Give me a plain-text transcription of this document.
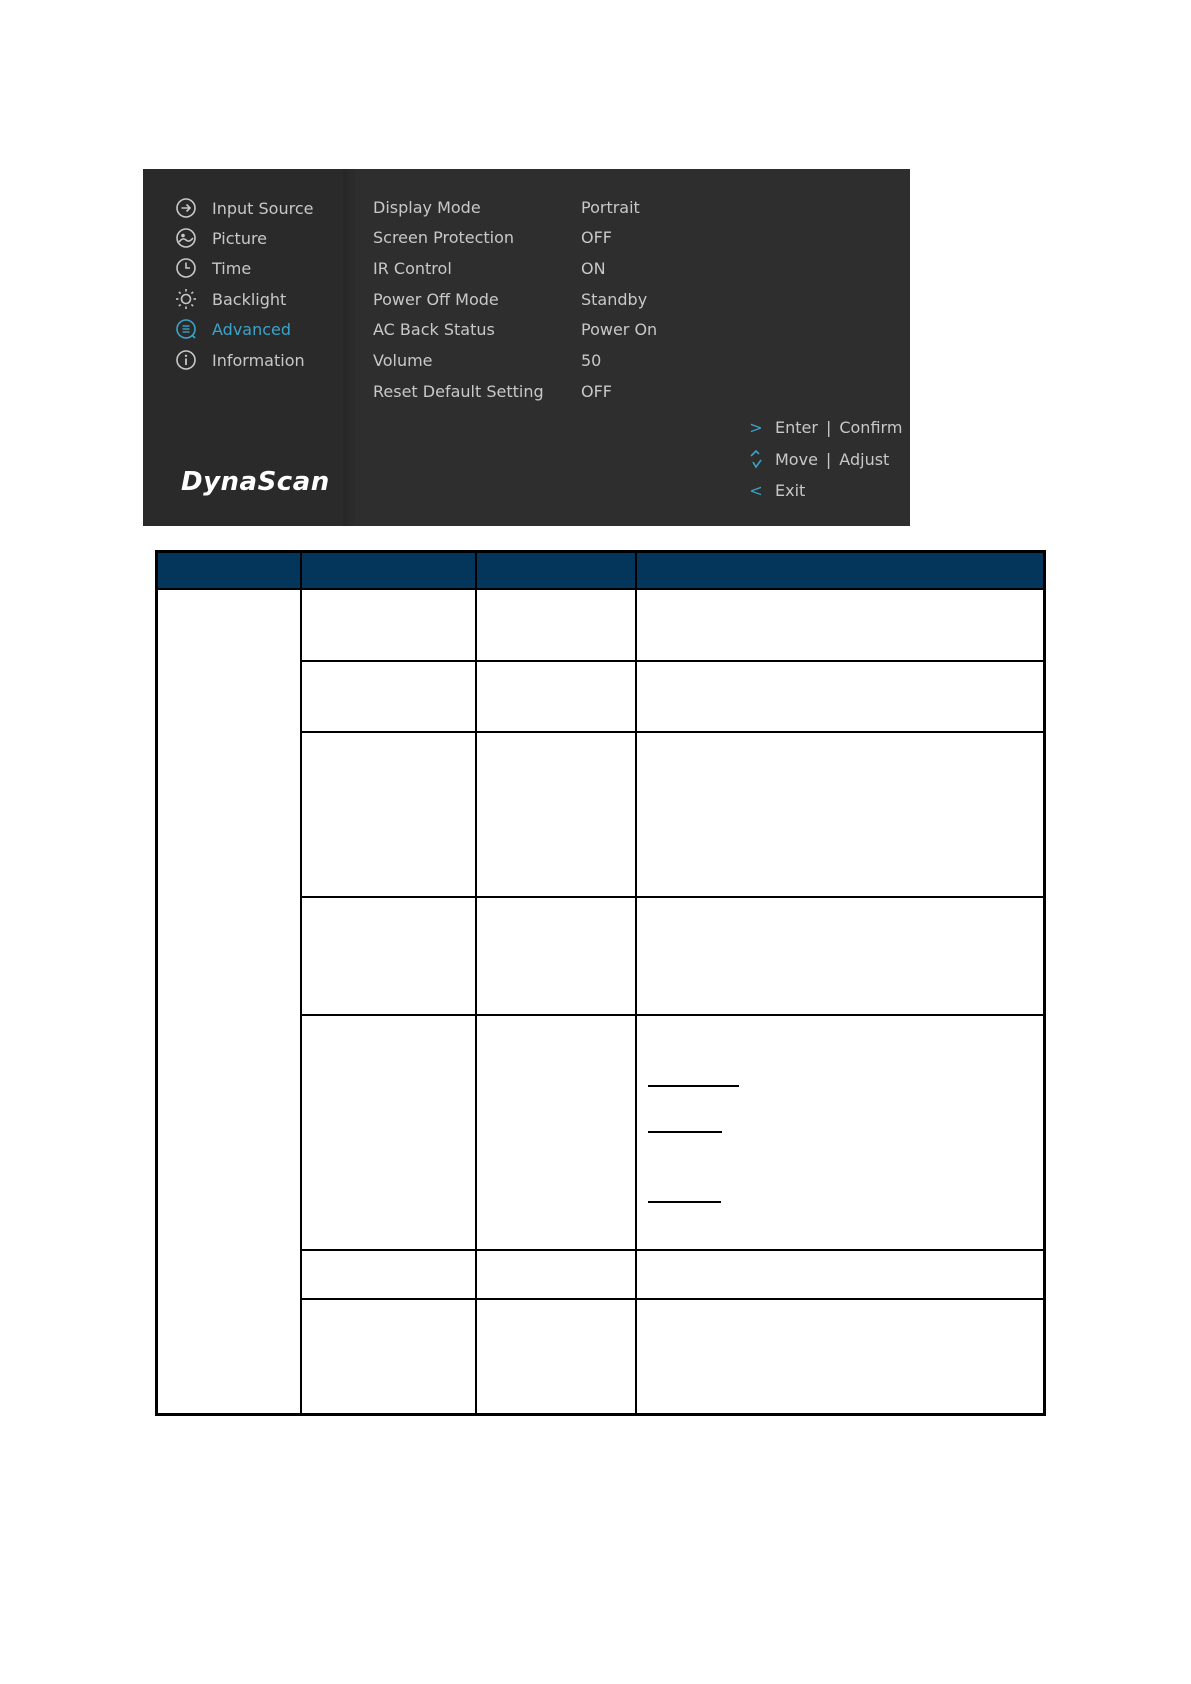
Input Source
Picture
Time
Backlight
Advanced
Information
DynaScan
Display Mode	Portrait
Screen Protection	OFF
IR Control	ON
Power Off Mode	Standby
AC Back Status	Power On
Volume	50
Reset Default Setting OFF
> Enter | Confirm
Move | Adjust
< Exit
